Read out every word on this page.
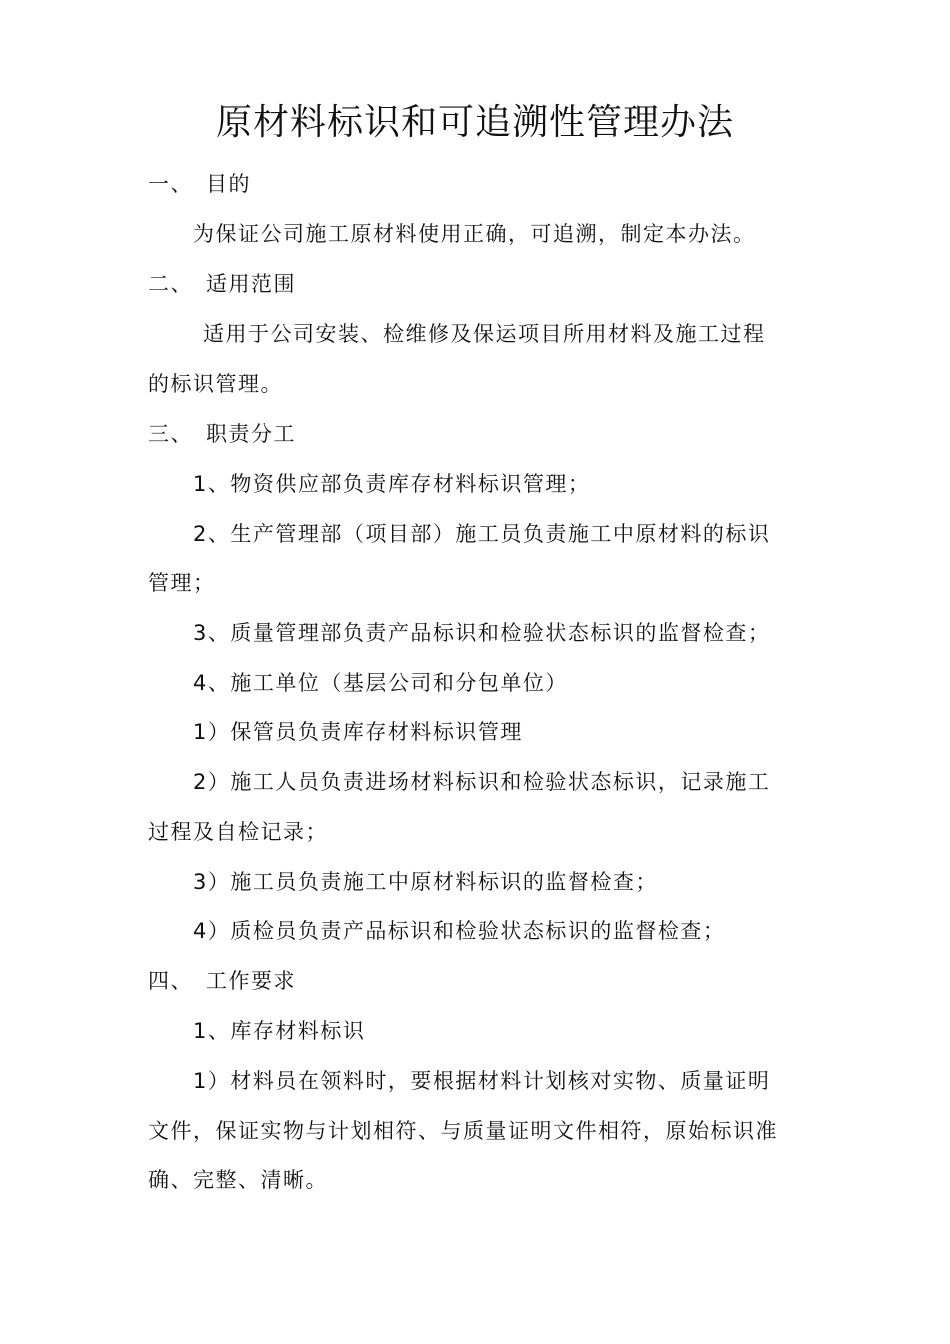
原材料标识和可追溯性管理办法
一、 目的
为保证公司施工原材料使用正确，可追溯，制定本办法。
二、 适用范围
适用于公司安装、检维修及保运项目所用材料及施工过程
的标识管理。
三、 职责分工
1、物资供应部负责库存材料标识管理；
2、生产管理部（项目部）施工员负责施工中原材料的标识
管理；
3、质量管理部负责产品标识和检验状态标识的监督检查；
4、施工单位（基层公司和分包单位）
1）保管员负责库存材料标识管理
2）施工人员负责进场材料标识和检验状态标识，记录施工
过程及自检记录；
3）施工员负责施工中原材料标识的监督检查；
4）质检员负责产品标识和检验状态标识的监督检查；
四、 工作要求
1、库存材料标识
1）材料员在领料时，要根据材料计划核对实物、质量证明
文件，保证实物与计划相符、与质量证明文件相符，原始标识准
确、完整、清晰。
